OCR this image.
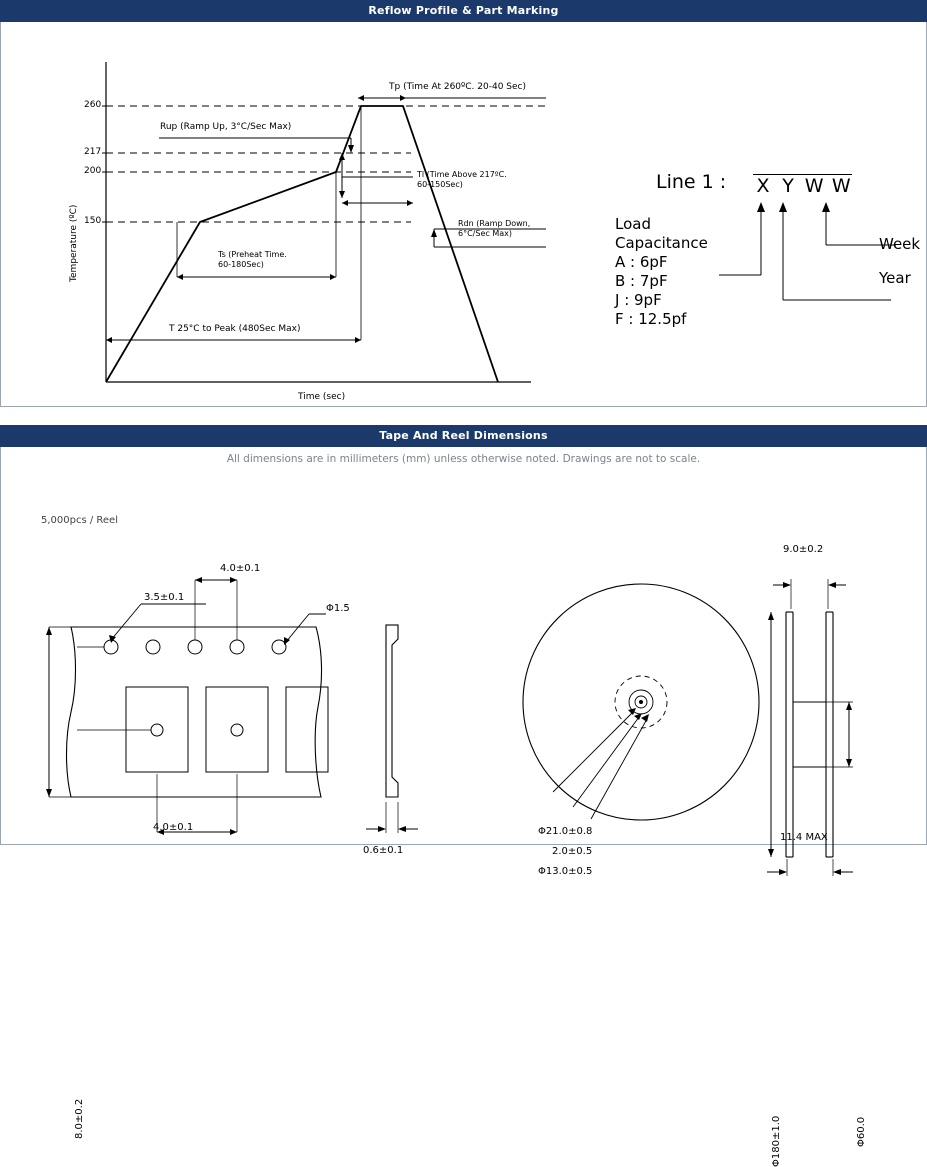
Reflow Profile & Part Marking
260
217
200
150
Temperature (ºC)
Time (sec)
Tp (Time At 260ºC. 20-40 Sec)
Rup (Ramp Up, 3°C/Sec Max)
Tl (Time Above 217ºC.
60-150Sec)
Ts (Preheat Time.
60-180Sec)
Rdn (Ramp Down,
6°C/Sec Max)
T 25°C to Peak (480Sec Max)
Line 1 : X Y W W
Load
Capacitance
A : 6pF
B : 7pF
J : 9pF
F : 12.5pf
Week
Year
Tape And Reel Dimensions
All dimensions are in millimeters (mm) unless otherwise noted. Drawings are not to scale.
5,000pcs / Reel
4.0±0.1
3.5±0.1
Φ1.5
8.0±0.2
4.0±0.1
0.6±0.1
Φ21.0±0.8
2.0±0.5
Φ13.0±0.5
9.0±0.2
Φ180±1.0	Φ60.0
11.4 MAX
